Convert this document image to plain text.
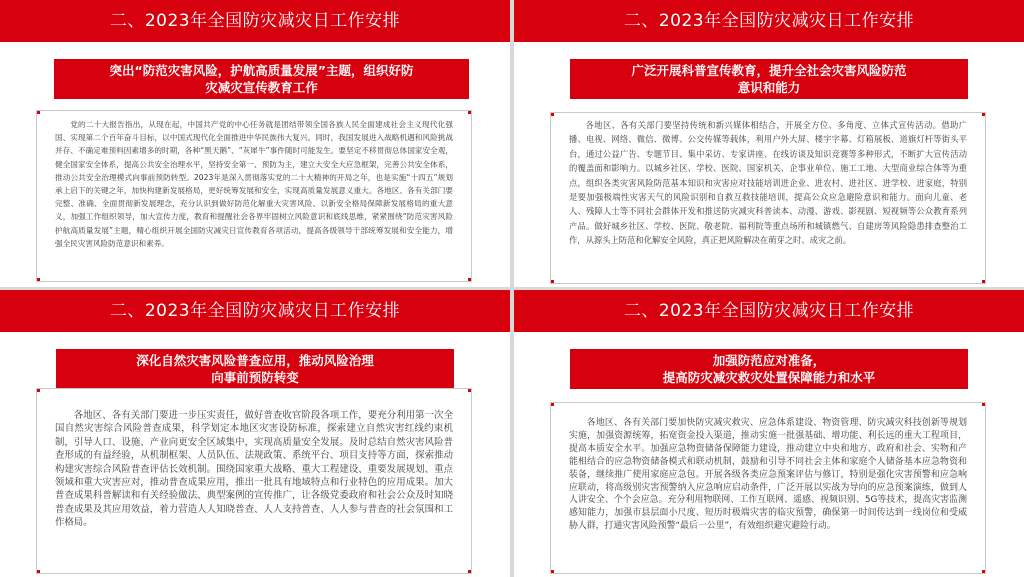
二、2023年全国防灾减灾日工作安排
突出“防范灾害风险，护航高质量发展”主题，组织好防
灾减灾宣传教育工作

党的二十大报告指出，从现在起，中国共产党的中心任务就是团结带领全国各族人民全面建成社会主义现代化强国、实现第二个百年奋斗目标，以中国式现代化全面推进中华民族伟大复兴。同时，我国发展进入战略机遇和风险挑战并存、不确定难预料因素增多的时期，各种“黑天鹅”、“灰犀牛”事件随时可能发生。要坚定不移贯彻总体国家安全观，健全国家安全体系，提高公共安全治理水平，坚持安全第一、预防为主，建立大安全大应急框架，完善公共安全体系，推动公共安全治理模式向事前预防转型。2023年是深入贯彻落实党的二十大精神的开局之年，也是实施“十四五”规划承上启下的关键之年，加快构建新发展格局，更好统筹发展和安全，实现高质量发展意义重大。各地区、各有关部门要完整、准确、全面贯彻新发展理念，充分认识到做好防范化解重大灾害风险、以新安全格局保障新发展格局的重大意义，加强工作组织领导，加大宣传力度，教育和提醒社会各界牢固树立风险意识和底线思维，紧紧围绕“防范灾害风险 护航高质量发展”主题，精心组织开展全国防灾减灾日宣传教育各项活动，提高各级领导干部统筹发展和安全能力，增强全民灾害风险防范意识和素养。

二、2023年全国防灾减灾日工作安排
广泛开展科普宣传教育，提升全社会灾害风险防范
意识和能力

各地区、各有关部门要坚持传统和新兴媒体相结合，开展全方位、多角度、立体式宣传活动。借助广播、电视、网络、微信、微博、公交传媒等载体，利用户外大屏、楼宇字幕、灯箱展板、道旗灯杆等街头平台，通过公益广告、专题节目、集中采访、专家讲座、在线访谈及知识竞赛等多种形式，不断扩大宣传活动的覆盖面和影响力。以城乡社区、学校、医院、国家机关、企事业单位、施工工地、大型商业综合体等为重点，组织各类灾害风险防范基本知识和灾害应对技能培训进企业、进农村、进社区、进学校、进家庭，特别是要加强极端性灾害天气的风险识别和自救互救技能培训，提高公众应急避险意识和能力。面向儿童、老人、残障人士等不同社会群体开发和推送防灾减灾科普读本、动漫、游戏、影视剧、短视频等公众教育系列产品。做好城乡社区、学校、医院、敬老院、福利院等重点场所和城镇燃气、自建房等风险隐患排查整治工作，从源头上防范和化解安全风险，真正把风险解决在萌芽之时、成灾之前。

二、2023年全国防灾减灾日工作安排
深化自然灾害风险普查应用，推动风险治理
向事前预防转变

各地区、各有关部门要进一步压实责任，做好普查收官阶段各项工作，要充分利用第一次全国自然灾害综合风险普查成果，科学划定本地区灾害设防标准，探索建立自然灾害红线约束机制，引导人口、设施、产业向更安全区域集中，实现高质量安全发展。及时总结自然灾害风险普查形成的有益经验，从机制框架、人员队伍、法规政策、系统平台、项目支持等方面，探索推动构建灾害综合风险普查评估长效机制。围绕国家重大战略、重大工程建设、重要发展规划、重点领域和重大灾害应对，推动普查成果应用，推出一批具有地域特点和行业特色的应用成果。加大普查成果科普解读和有关经验做法、典型案例的宣传推广，让各级党委政府和社会公众及时知晓普查成果及其应用效益，着力营造人人知晓普查、人人支持普查、人人参与普查的社会氛围和工作格局。

二、2023年全国防灾减灾日工作安排
加强防范应对准备，
提高防灾减灾救灾处置保障能力和水平

各地区、各有关部门要加快防灾减灾救灾、应急体系建设、物资管理、防灾减灾科技创新等规划实施，加强资源统筹，拓宽资金投入渠道，推动实施一批强基础、增功能、利长远的重大工程项目，提高本质安全水平。加强应急物资储备保障能力建设，推动建立中央和地方、政府和社会、实物和产能相结合的应急物资储备模式和联动机制，鼓励和引导不同社会主体和家庭个人储备基本应急物资和装备，继续推广使用家庭应急包。开展各级各类应急预案评估与修订，特别是强化灾害预警和应急响应联动，将高级别灾害预警纳入应急响应启动条件，广泛开展以实战为导向的应急预案演练，做到人人讲安全、个个会应急。充分利用物联网、工作互联网、遥感、视频识别、5G等技术，提高灾害监测感知能力，加强市县层面小尺度、短历时极端灾害的临灾预警，确保第一时间传达到一线岗位和受威胁人群，打通灾害风险预警“最后一公里”，有效组织避灾避险行动。
